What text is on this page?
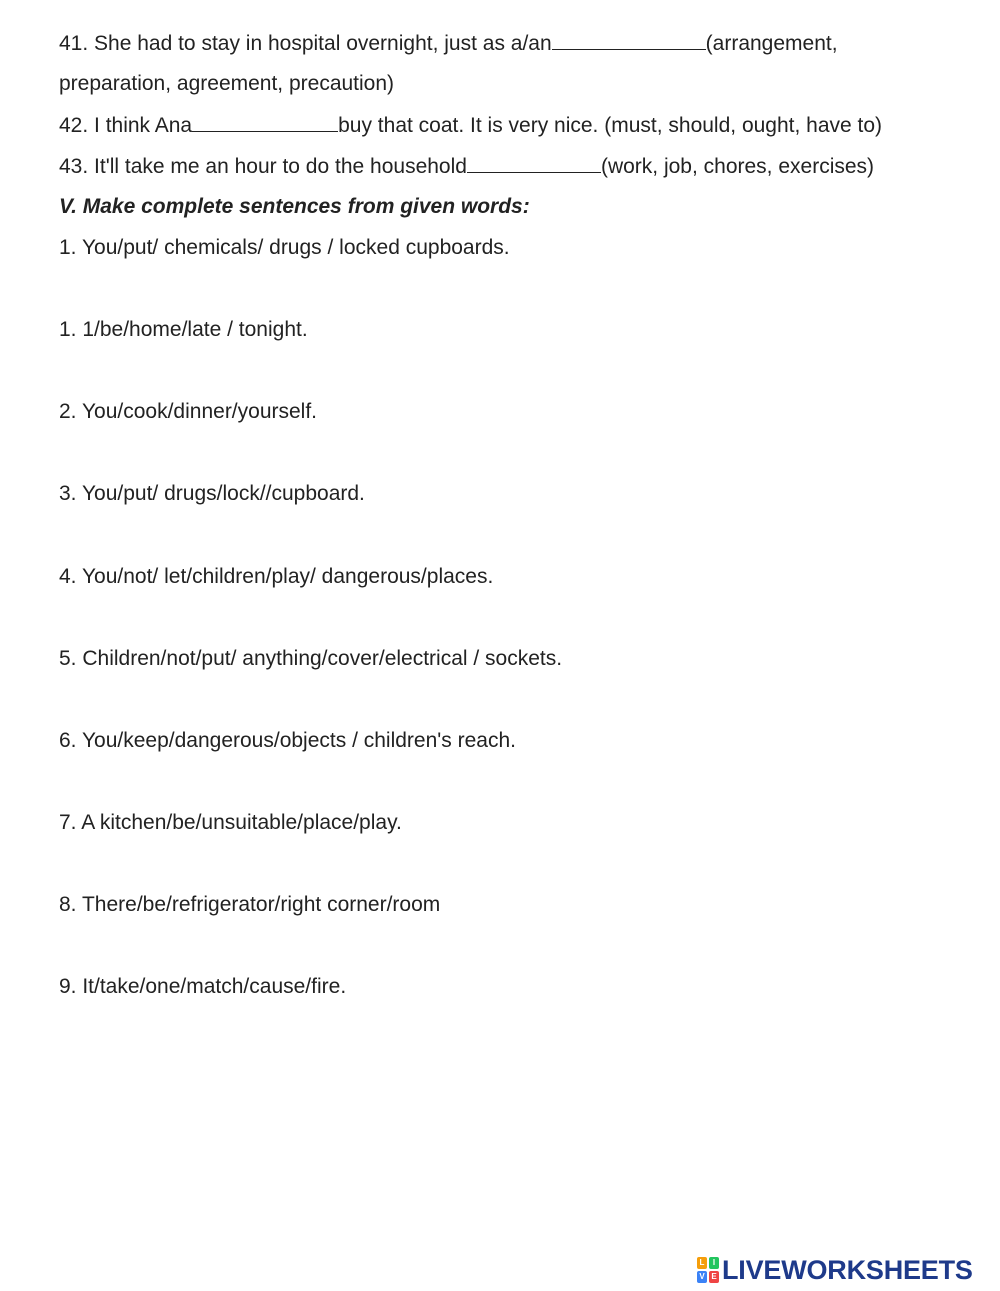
41. She had to stay in hospital overnight, just as a/an	(arrangement,
preparation, agreement, precaution)
42. I think Ana	buy that coat. It is very nice. (must, should, ought, have to)
43. It'll take me an hour to do the household	(work, job, chores, exercises)
V. Make complete sentences from given words:
1. You/put/ chemicals/ drugs / locked cupboards.
1. 1/be/home/late / tonight.
2. You/cook/dinner/yourself.
3. You/put/ drugs/lock//cupboard.
4. You/not/ let/children/play/ dangerous/places.
5. Children/not/put/ anything/cover/electrical / sockets.
6. You/keep/dangerous/objects / children's reach.
7. A kitchen/be/unsuitable/place/play.
8. There/be/refrigerator/right corner/room
9. It/take/one/match/cause/fire.
L	I
V E LIVEWORKSHEETS
